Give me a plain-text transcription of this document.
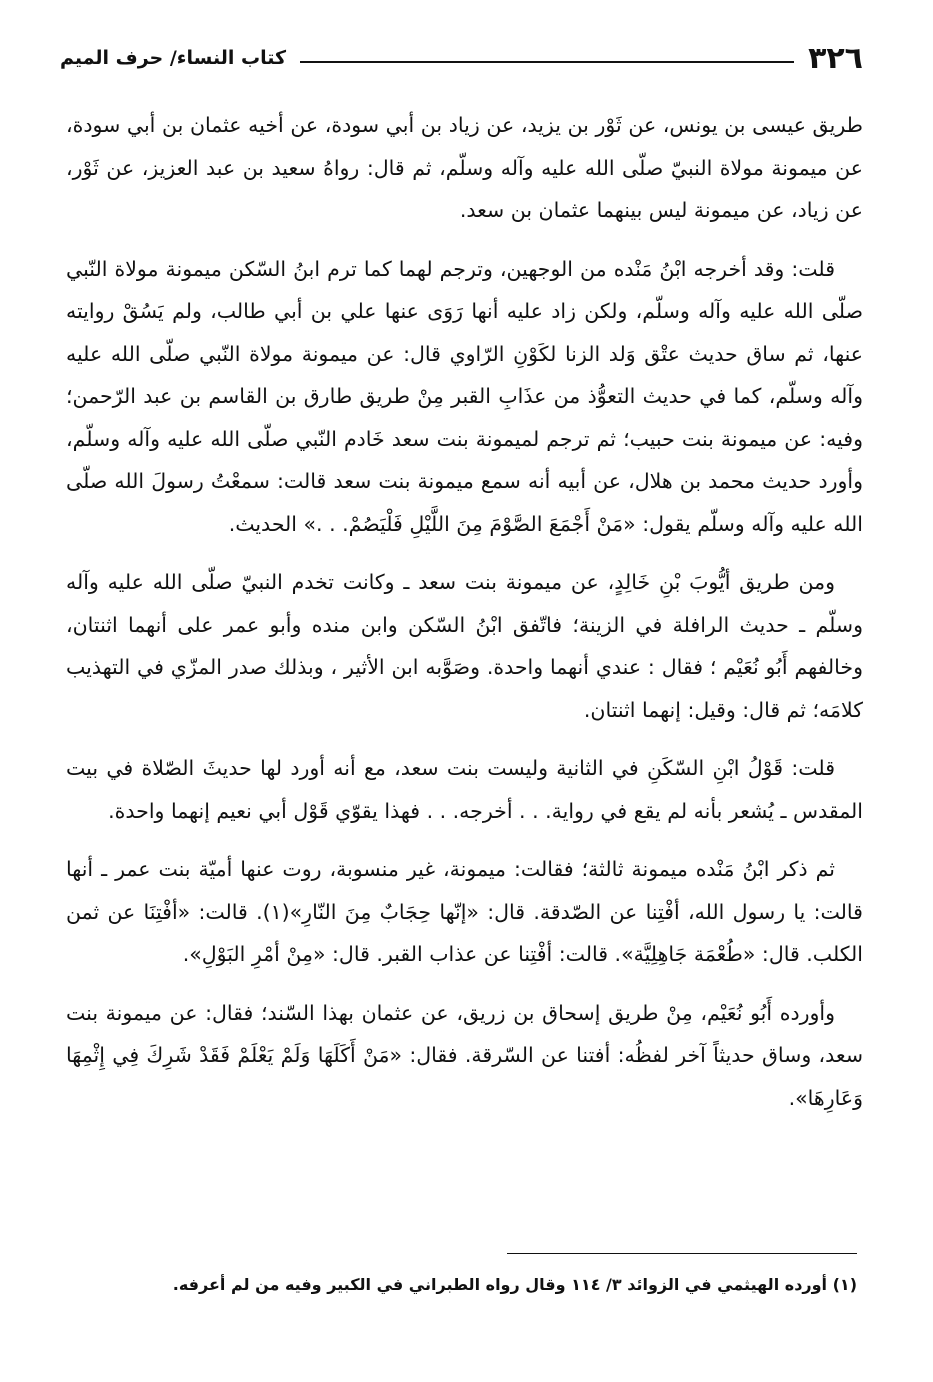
٣٢٦
كتاب النساء/ حرف الميم

طريق عيسى بن يونس، عن ثَوْر بن يزيد، عن زياد بن أبي سودة، عن أخيه عثمان بن أبي سودة، عن ميمونة مولاة النبيّ صلّى الله عليه وآله وسلّم، ثم قال: رواهُ سعيد بن عبد العزيز، عن ثَوْر، عن زياد، عن ميمونة ليس بينهما عثمان بن سعد.

قلت: وقد أخرجه ابْنُ مَنْده من الوجهين، وترجم لهما كما ترم ابنُ السّكن ميمونة مولاة النّبي صلّى الله عليه وآله وسلّم، ولكن زاد عليه أنها رَوَى عنها علي بن أبي طالب، ولم يَسُقْ روايته عنها، ثم ساق حديث عتْق وَلد الزنا لكَوْنِ الرّاوي قال: عن ميمونة مولاة النّبي صلّى الله عليه وآله وسلّم، كما في حديث التعوُّذ من عذَابِ القبر مِنْ طريق طارق بن القاسم بن عبد الرّحمن؛ وفيه: عن ميمونة بنت حبيب؛ ثم ترجم لميمونة بنت سعد خَادم النّبي صلّى الله عليه وآله وسلّم، وأورد حديث محمد بن هلال، عن أبيه أنه سمع ميمونة بنت سعد قالت: سمعْتُ رسولَ الله صلّى الله عليه وآله وسلّم يقول: «مَنْ أَجْمَعَ الصَّوْمَ مِنَ اللَّيْلِ فَلْيَصُمْ. . .» الحديث.

ومن طريق أيُّوبَ بْنِ خَالِدٍ، عن ميمونة بنت سعد ـ وكانت تخدم النبيّ صلّى الله عليه وآله وسلّم ـ حديث الرافلة في الزينة؛ فاتّفق ابْنُ السّكن وابن منده وأبو عمر على أنهما اثنتان، وخالفهم أَبُو نُعَيْم ؛ فقال : عندي أنهما واحدة. وصَوَّبه ابن الأثير ، وبذلك صدر المزّي في التهذيب كلامَه؛ ثم قال: وقيل: إنهما اثنتان.

قلت: قَوْلُ ابْنِ السّكَنِ في الثانية وليست بنت سعد، مع أنه أورد لها حديثَ الصّلاة في بيت المقدس ـ يُشعر بأنه لم يقع في رواية. . . أخرجه. . . فهذا يقوّي قَوْل أبي نعيم إنهما واحدة.

ثم ذكر ابْنُ مَنْده ميمونة ثالثة؛ فقالت: ميمونة، غير منسوبة، روت عنها أميّة بنت عمر ـ أنها قالت: يا رسول الله، أفْتِنا عن الصّدقة. قال: «إنّها حِجَابٌ مِنَ النّارِ»(١). قالت: «أفْتِنَا عن ثمن الكلب. قال: «طُعْمَة جَاهِلِيَّة». قالت: أفْتِنا عن عذاب القبر. قال: «مِنْ أمْرِ البَوْلِ».

وأورده أَبُو نُعَيْم، مِنْ طريق إسحاق بن زريق، عن عثمان بهذا السّند؛ فقال: عن ميمونة بنت سعد، وساق حديثاً آخر لفظُه: أفتنا عن السّرقة. فقال: «مَنْ أَكَلَهَا وَلَمْ يَعْلَمْ فَقَدْ شَرِكَ فِي إِثْمِهَا وَعَارِهَا».

(١) أورده الهيثمي في الزوائد ٣/ ١١٤ وقال رواه الطبراني في الكبير وفيه من لم أعرفه.
